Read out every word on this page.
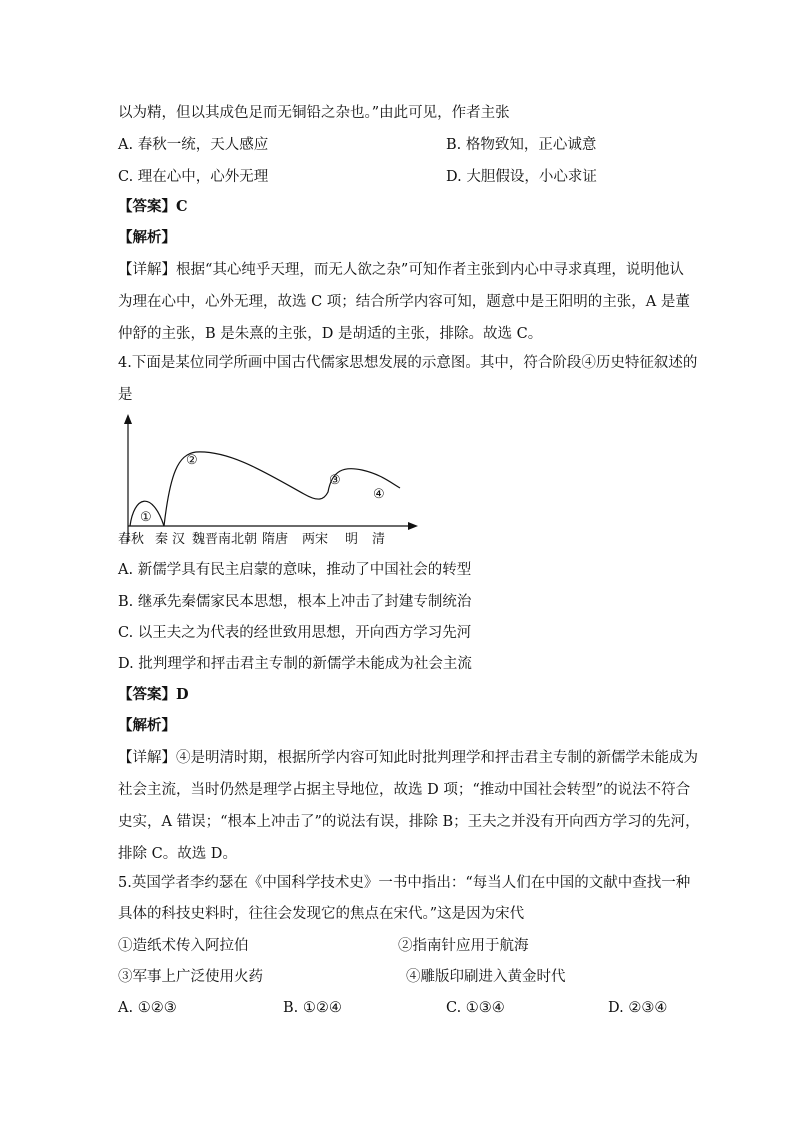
以为精，但以其成色足而无铜铅之杂也。”由此可见，作者主张
A. 春秋一统，天人感应	B. 格物致知，正心诚意
C. 理在心中，心外无理	D. 大胆假设，小心求证
【答案】C
【解析】
【详解】根据“其心纯乎天理，而无人欲之杂”可知作者主张到内心中寻求真理，说明他认
为理在心中，心外无理，故选 C 项；结合所学内容可知，题意中是王阳明的主张，A 是董
仲舒的主张，B 是朱熹的主张，D 是胡适的主张，排除。故选 C。
4.下面是某位同学所画中国古代儒家思想发展的示意图。其中，符合阶段④历史特征叙述的
是
①
②
③
④
春秋 秦 汉 魏晋南北朝 隋唐 两宋 明 清
A. 新儒学具有民主启蒙的意味，推动了中国社会的转型
B. 继承先秦儒家民本思想，根本上冲击了封建专制统治
C. 以王夫之为代表的经世致用思想，开向西方学习先河
D. 批判理学和抨击君主专制的新儒学未能成为社会主流
【答案】D
【解析】
【详解】④是明清时期，根据所学内容可知此时批判理学和抨击君主专制的新儒学未能成为
社会主流，当时仍然是理学占据主导地位，故选 D 项；“推动中国社会转型”的说法不符合
史实，A 错误；“根本上冲击了”的说法有误，排除 B；王夫之并没有开向西方学习的先河，
排除 C。故选 D。
5.英国学者李约瑟在《中国科学技术史》一书中指出：“每当人们在中国的文献中查找一种
具体的科技史料时，往往会发现它的焦点在宋代。”这是因为宋代
①造纸术传入阿拉伯	②指南针应用于航海
③军事上广泛使用火药	④雕版印刷进入黄金时代
A. ①②③	B. ①②④	C. ①③④	D. ②③④
